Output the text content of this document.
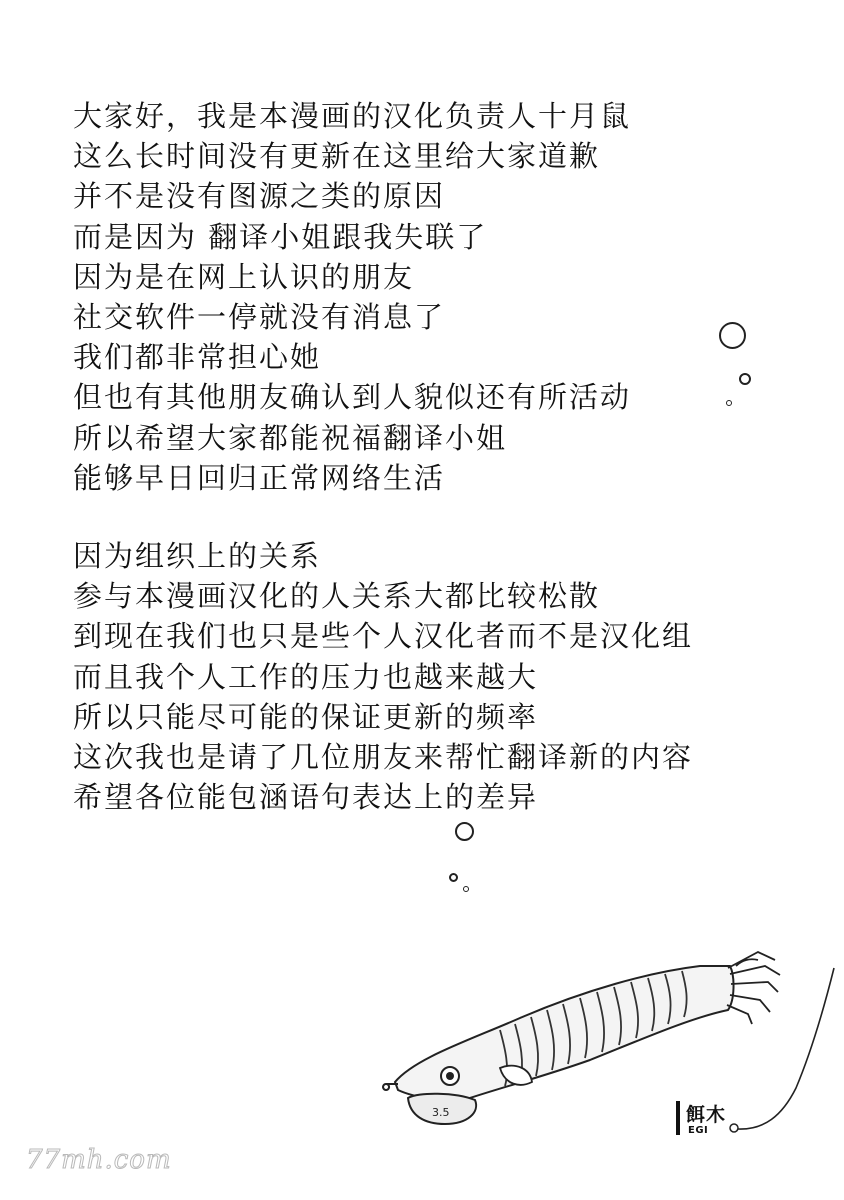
大家好，我是本漫画的汉化负责人十月鼠
这么长时间没有更新在这里给大家道歉
并不是没有图源之类的原因
而是因为 翻译小姐跟我失联了
因为是在网上认识的朋友
社交软件一停就没有消息了
我们都非常担心她
但也有其他朋友确认到人貌似还有所活动
所以希望大家都能祝福翻译小姐
能够早日回归正常网络生活
因为组织上的关系
参与本漫画汉化的人关系大都比较松散
到现在我们也只是些个人汉化者而不是汉化组
而且我个人工作的压力也越来越大
所以只能尽可能的保证更新的频率
这次我也是请了几位朋友来帮忙翻译新的内容
希望各位能包涵语句表达上的差异
3.5	餌木
EGI
77mh.com
